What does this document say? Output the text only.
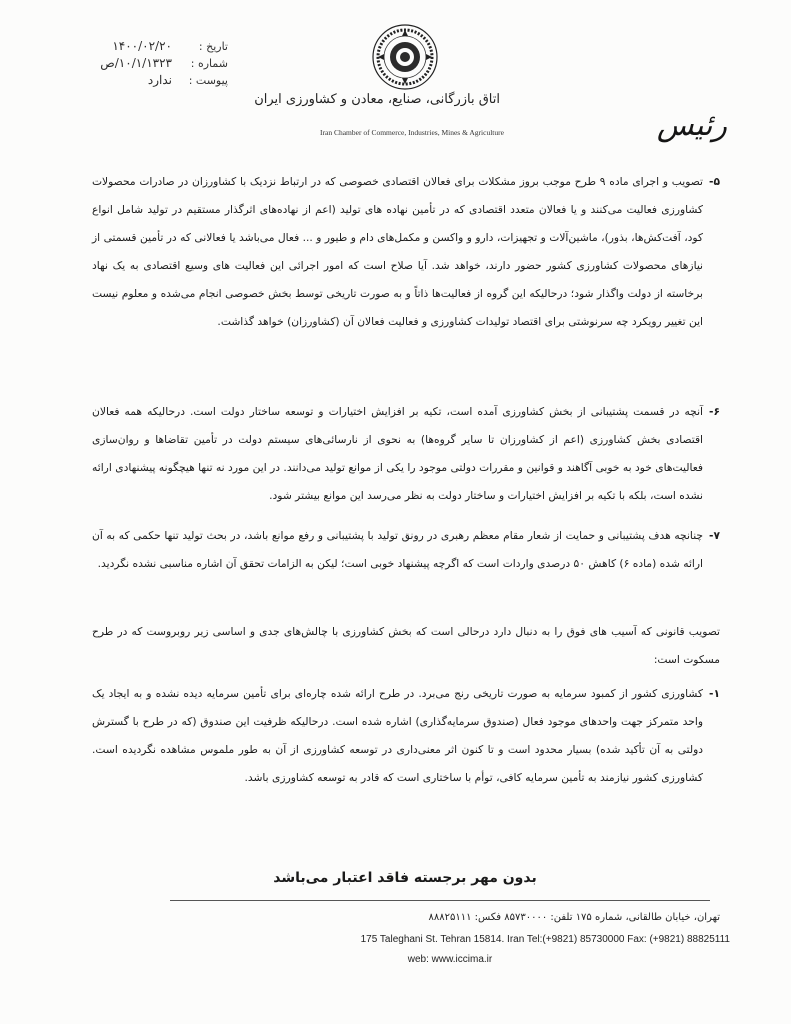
تاریخ :
۱۴۰۰/۰۲/۲۰
شماره :
۱۰/۱/۱۳۲۳/ص
پیوست :
ندارد
اتاق بازرگانی، صنایع، معادن و کشاورزی ایران
Iran Chamber of Commerce, Industries, Mines & Agriculture	رئیس
۵-
تصویب و اجرای ماده ۹ طرح موجب بروز مشکلات برای فعالان اقتصادی خصوصی که در ارتباط نزدیک با کشاورزان در صادرات محصولات کشاورزی فعالیت می‌کنند و یا فعالان متعدد اقتصادی که در تأمین نهاده های تولید (اعم از نهاده‌های اثرگذار مستقیم در تولید شامل انواع کود، آفت‌کش‌ها، بذور)، ماشین‌آلات و تجهیزات، دارو و واکسن و مکمل‌های دام و طیور و ... فعال می‌باشد یا فعالانی که در تأمین قسمتی از نیازهای محصولات کشاورزی کشور حضور دارند، خواهد شد. آیا صلاح است که امور اجرائی این فعالیت های وسیع اقتصادی به یک نهاد برخاسته از دولت واگذار شود؛ درحالیکه این گروه از فعالیت‌ها ذاتاً و به صورت تاریخی توسط بخش خصوصی انجام می‌شده و معلوم نیست این تغییر رویکرد چه سرنوشتی برای اقتصاد تولیدات کشاورزی و فعالیت فعالان آن (کشاورزان) خواهد گذاشت.
۶-
آنچه در قسمت پشتیبانی از بخش کشاورزی آمده است، تکیه بر افزایش اختیارات و توسعه ساختار دولت است. درحالیکه همه فعالان اقتصادی بخش کشاورزی (اعم از کشاورزان تا سایر گروه‌ها) به نحوی از نارسائی‌های سیستم دولت در تأمین تقاضاها و روان‌سازی فعالیت‌های خود به خوبی آگاهند و قوانین و مقررات دولتی موجود را یکی از موانع تولید می‌دانند. در این مورد نه تنها هیچگونه پیشنهادی ارائه نشده است، بلکه با تکیه بر افزایش اختیارات و ساختار دولت به نظر می‌رسد این موانع بیشتر شود.
۷-
چنانچه هدف پشتیبانی و حمایت از شعار مقام معظم رهبری در رونق تولید با پشتیبانی و رفع موانع باشد، در بحث تولید تنها حکمی که به آن ارائه شده (ماده ۶) کاهش ۵۰ درصدی واردات است که اگرچه پیشنهاد خوبی است؛ لیکن به الزامات تحقق آن اشاره مناسبی نشده نگردید.
تصویب قانونی که آسیب های فوق را به دنبال دارد درحالی است که بخش کشاورزی با چالش‌های جدی و اساسی زیر روبروست که در طرح مسکوت است:
۱-
کشاورزی کشور از کمبود سرمایه به صورت تاریخی رنج می‌برد. در طرح ارائه شده چاره‌ای برای تأمین سرمایه دیده نشده و به ایجاد یک واحد متمرکز جهت واحدهای موجود فعال (صندوق سرمایه‌گذاری) اشاره شده است. درحالیکه ظرفیت این صندوق (که در طرح با گسترش دولتی به آن تأکید شده) بسیار محدود است و تا کنون اثر معنی‌داری در توسعه کشاورزی از آن به طور ملموس مشاهده نگردیده است. کشاورزی کشور نیازمند به تأمین سرمایه کافی، توأم با ساختاری است که قادر به توسعه کشاورزی باشد.
بدون مهر برجسته فاقد اعتبار می‌باشد
تهران، خیابان طالقانی، شماره ۱۷۵ تلفن: ۸۵۷۳۰۰۰۰ فکس: ۸۸۸۲۵۱۱۱
175 Taleghani St. Tehran 15814. Iran Tel:(+9821) 85730000 Fax: (+9821) 88825111
web: www.iccima.ir
